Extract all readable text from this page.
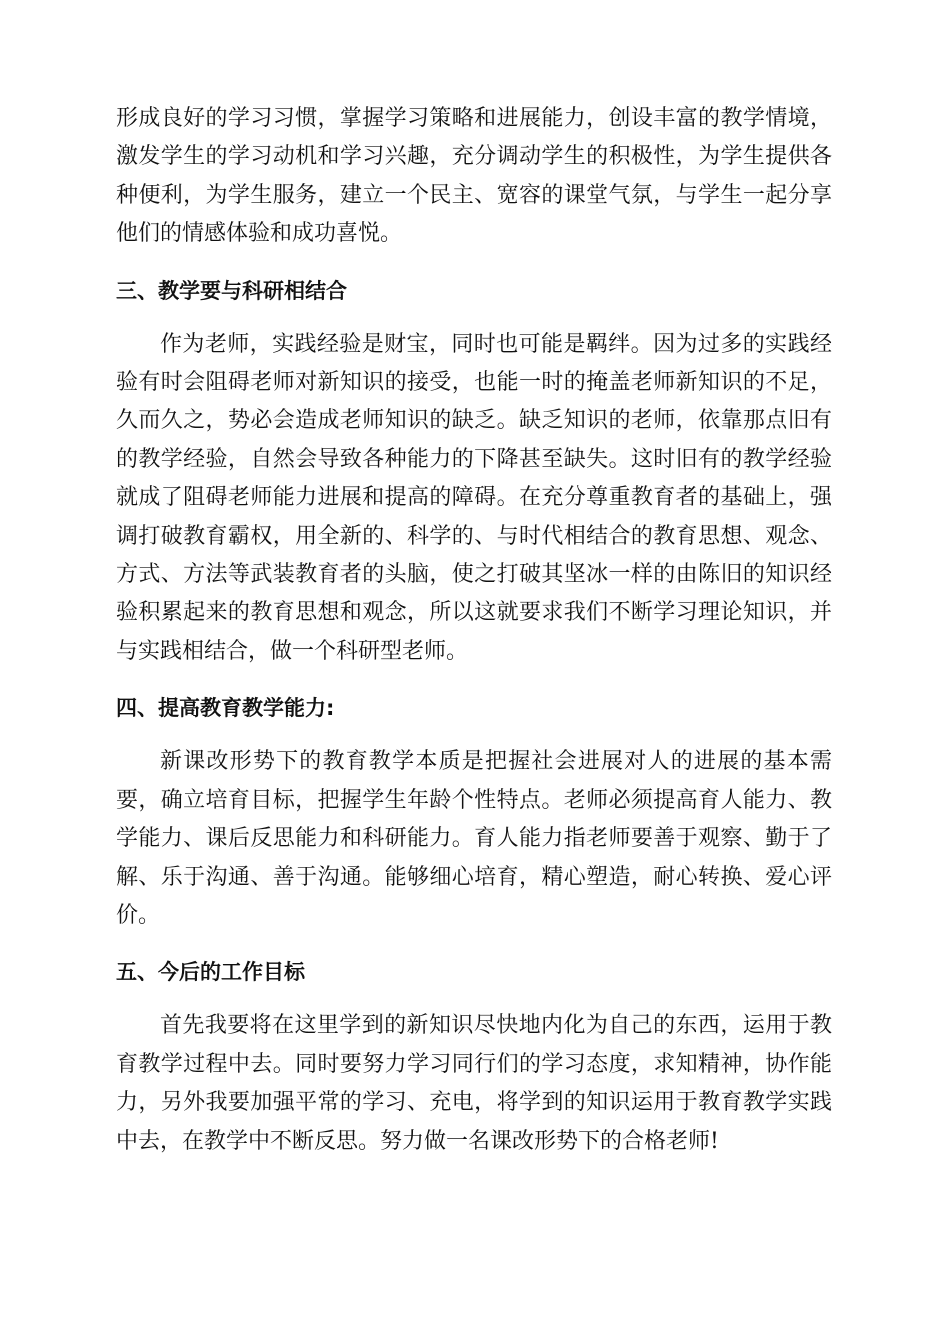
形成良好的学习习惯，掌握学习策略和进展能力，创设丰富的教学情境，激发学生的学习动机和学习兴趣，充分调动学生的积极性，为学生提供各种便利，为学生服务，建立一个民主、宽容的课堂气氛，与学生一起分享他们的情感体验和成功喜悦。

三、教学要与科研相结合

作为老师，实践经验是财宝，同时也可能是羁绊。因为过多的实践经验有时会阻碍老师对新知识的接受，也能一时的掩盖老师新知识的不足，久而久之，势必会造成老师知识的缺乏。缺乏知识的老师，依靠那点旧有的教学经验，自然会导致各种能力的下降甚至缺失。这时旧有的教学经验就成了阻碍老师能力进展和提高的障碍。在充分尊重教育者的基础上，强调打破教育霸权，用全新的、科学的、与时代相结合的教育思想、观念、方式、方法等武装教育者的头脑，使之打破其坚冰一样的由陈旧的知识经验积累起来的教育思想和观念，所以这就要求我们不断学习理论知识，并与实践相结合，做一个科研型老师。

四、提高教育教学能力:

新课改形势下的教育教学本质是把握社会进展对人的进展的基本需要，确立培育目标，把握学生年龄个性特点。老师必须提高育人能力、教学能力、课后反思能力和科研能力。育人能力指老师要善于观察、勤于了解、乐于沟通、善于沟通。能够细心培育，精心塑造，耐心转换、爱心评价。

五、今后的工作目标

首先我要将在这里学到的新知识尽快地内化为自己的东西，运用于教育教学过程中去。同时要努力学习同行们的学习态度，求知精神，协作能力，另外我要加强平常的学习、充电，将学到的知识运用于教育教学实践中去，在教学中不断反思。努力做一名课改形势下的合格老师!
